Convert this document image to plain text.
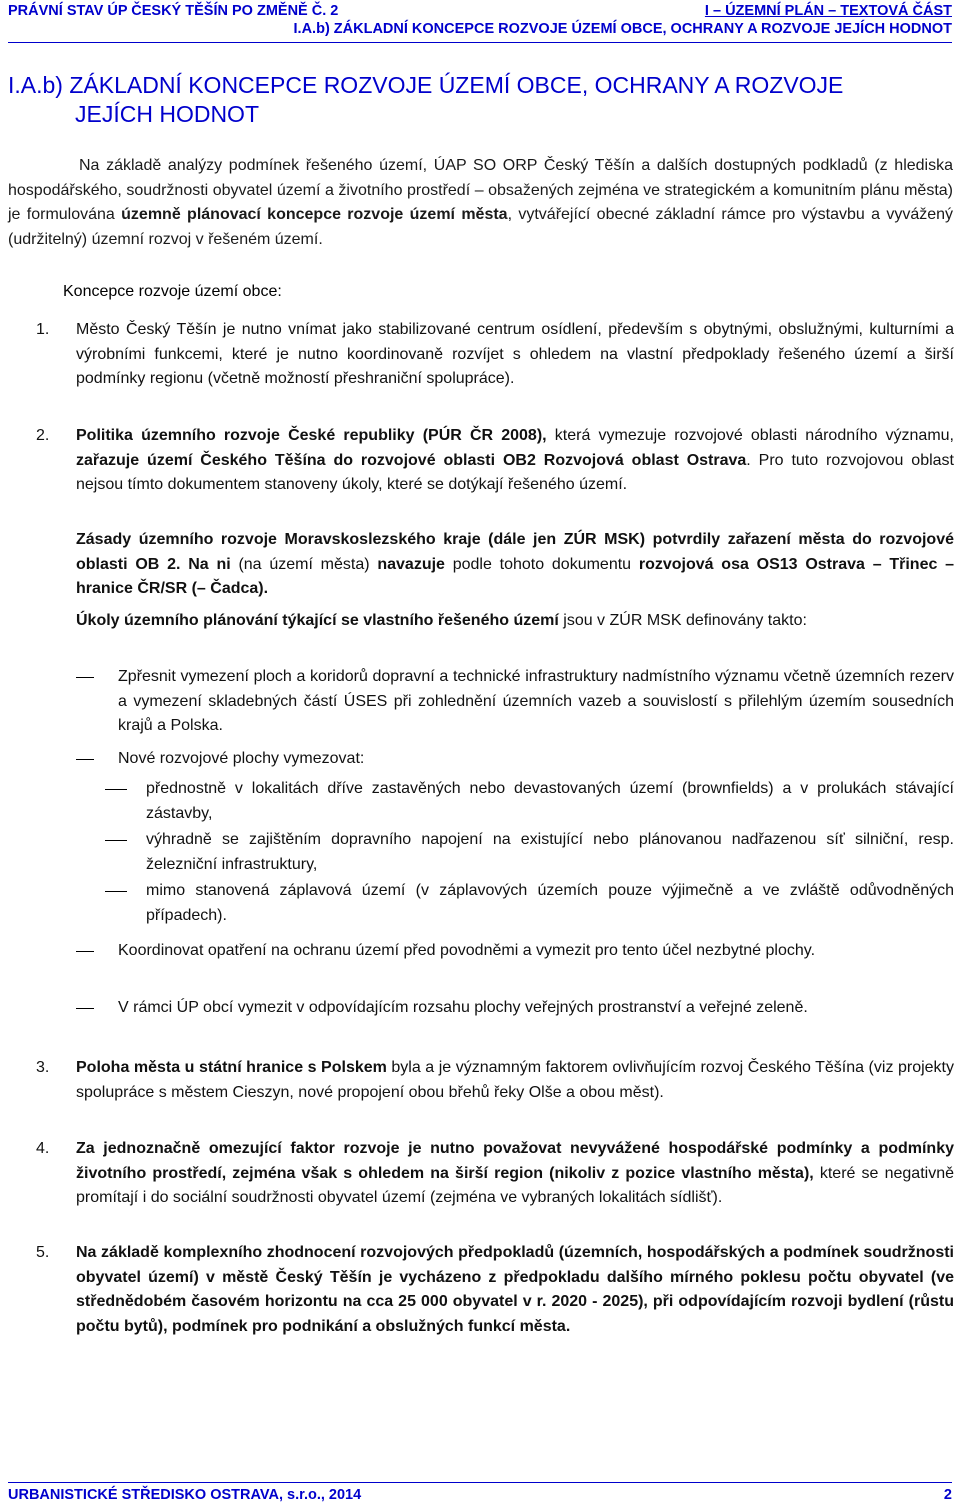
PRÁVNÍ STAV ÚP ČESKÝ TĚŠÍN PO ZMĚNĚ Č. 2	I – ÚZEMNÍ PLÁN – TEXTOVÁ ČÁST
I.A.b) ZÁKLADNÍ KONCEPCE ROZVOJE ÚZEMÍ OBCE, OCHRANY A ROZVOJE JEJÍCH HODNOT
I.A.b) ZÁKLADNÍ KONCEPCE ROZVOJE ÚZEMÍ OBCE, OCHRANY A ROZVOJE
JEJÍCH HODNOT
Na základě analýzy podmínek řešeného území, ÚAP SO ORP Český Těšín a dalších dostupných podkladů (z hlediska hospodářského, soudržnosti obyvatel území a životního prostředí – obsažených zejména ve strategickém a komunitním plánu města) je formulována územně plánovací koncepce rozvoje území města, vytvářející obecné základní rámce pro výstavbu a vyvážený (udržitelný) územní rozvoj v řešeném území.
Koncepce rozvoje území obce:
1. Město Český Těšín je nutno vnímat jako stabilizované centrum osídlení, především s obytnými, obslužnými, kulturními a výrobními funkcemi, které je nutno koordinovaně rozvíjet s ohledem na vlastní předpoklady řešeného území a širší podmínky regionu (včetně možností přeshraniční spolupráce).
2. Politika územního rozvoje České republiky (PÚR ČR 2008), která vymezuje rozvojové oblasti národního významu, zařazuje území Českého Těšína do rozvojové oblasti OB2 Rozvojová oblast Ostrava. Pro tuto rozvojovou oblast nejsou tímto dokumentem stanoveny úkoly, které se dotýkají řešeného území.
Zásady územního rozvoje Moravskoslezského kraje (dále jen ZÚR MSK) potvrdily zařazení města do rozvojové oblasti OB 2. Na ni (na území města) navazuje podle tohoto dokumentu rozvojová osa OS13 Ostrava – Třinec – hranice ČR/SR (– Čadca).
Úkoly územního plánování týkající se vlastního řešeného území jsou v ZÚR MSK definovány takto:
Zpřesnit vymezení ploch a koridorů dopravní a technické infrastruktury nadmístního významu včetně územních rezerv a vymezení skladebných částí ÚSES při zohlednění územních vazeb a souvislostí s přilehlým územím sousedních krajů a Polska.
Nové rozvojové plochy vymezovat:
přednostně v lokalitách dříve zastavěných nebo devastovaných území (brownfields) a v prolukách stávající zástavby,
výhradně se zajištěním dopravního napojení na existující nebo plánovanou nadřazenou síť silniční, resp. železniční infrastruktury,
mimo stanovená záplavová území (v záplavových územích pouze výjimečně a ve zvláště odůvodněných případech).
Koordinovat opatření na ochranu území před povodněmi a vymezit pro tento účel nezbytné plochy.
V rámci ÚP obcí vymezit v odpovídajícím rozsahu plochy veřejných prostranství a veřejné zeleně.
3. Poloha města u státní hranice s Polskem byla a je významným faktorem ovlivňujícím rozvoj Českého Těšína (viz projekty spolupráce s městem Cieszyn, nové propojení obou břehů řeky Olše a obou měst).
4. Za jednoznačně omezující faktor rozvoje je nutno považovat nevyvážené hospodářské podmínky a podmínky životního prostředí, zejména však s ohledem na širší region (nikoliv z pozice vlastního města), které se negativně promítají i do sociální soudržnosti obyvatel území (zejména ve vybraných lokalitách sídlišť).
5. Na základě komplexního zhodnocení rozvojových předpokladů (územních, hospodářských a podmínek soudržnosti obyvatel území) v městě Český Těšín je vycházeno z předpokladu dalšího mírného poklesu počtu obyvatel (ve střednědobém časovém horizontu na cca 25 000 obyvatel v r. 2020 - 2025), při odpovídajícím rozvoji bydlení (růstu počtu bytů), podmínek pro podnikání a obslužných funkcí města.
URBANISTICKÉ STŘEDISKO OSTRAVA, s.r.o., 2014	2
